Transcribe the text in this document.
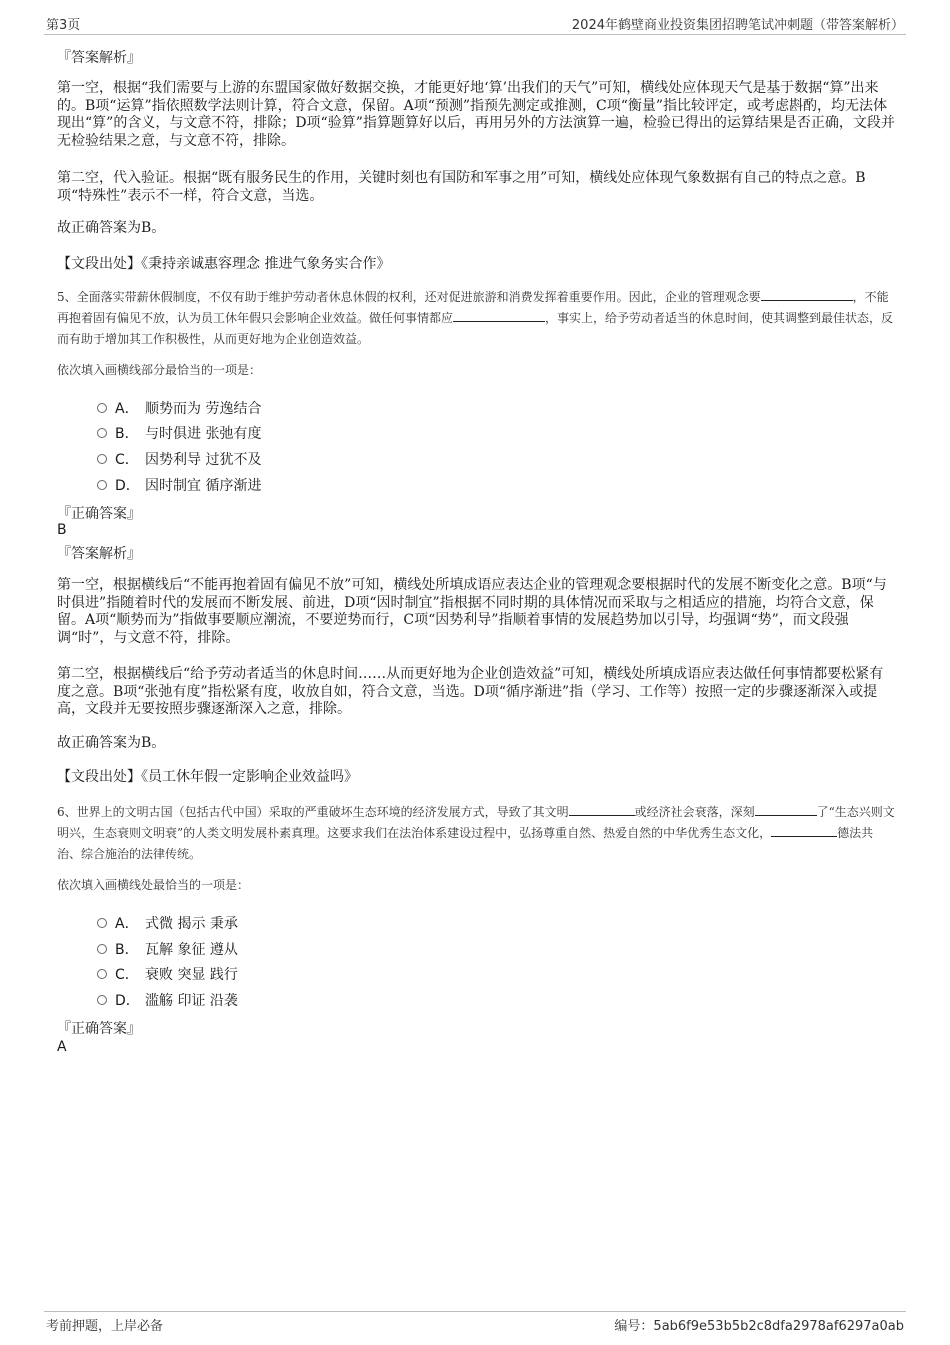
第3页	2024年鹤壁商业投资集团招聘笔试冲刺题（带答案解析）
『答案解析』
第一空，根据“我们需要与上游的东盟国家做好数据交换，才能更好地‘算’出我们的天气”可知，横线处应体现天气是基于数据“算”出来的。B项“运算”指依照数学法则计算，符合文意，保留。A项“预测”指预先测定或推测，C项“衡量”指比较评定，或考虑斟酌，均无法体现出“算”的含义，与文意不符，排除；D项“验算”指算题算好以后，再用另外的方法演算一遍，检验已得出的运算结果是否正确，文段并无检验结果之意，与文意不符，排除。
第二空，代入验证。根据“既有服务民生的作用，关键时刻也有国防和军事之用”可知，横线处应体现气象数据有自己的特点之意。B项“特殊性”表示不一样，符合文意，当选。
故正确答案为B。
【文段出处】《秉持亲诚惠容理念 推进气象务实合作》
5、全面落实带薪休假制度，不仅有助于维护劳动者休息休假的权利，还对促进旅游和消费发挥着重要作用。因此，企业的管理观念要	，不能再抱着固有偏见不放，认为员工休年假只会影响企业效益。做任何事情都应	，事实上，给予劳动者适当的休息时间，使其调整到最佳状态，反而有助于增加其工作积极性，从而更好地为企业创造效益。
依次填入画横线部分最恰当的一项是：
A． 顺势而为 劳逸结合
B． 与时俱进 张弛有度
C． 因势利导 过犹不及
D． 因时制宜 循序渐进
『正确答案』
B
『答案解析』
第一空，根据横线后“不能再抱着固有偏见不放”可知，横线处所填成语应表达企业的管理观念要根据时代的发展不断变化之意。B项“与时俱进”指随着时代的发展而不断发展、前进，D项“因时制宜”指根据不同时期的具体情况而采取与之相适应的措施，均符合文意，保留。A项“顺势而为”指做事要顺应潮流，不要逆势而行，C项“因势利导”指顺着事情的发展趋势加以引导，均强调“势”，而文段强调“时”，与文意不符，排除。
第二空，根据横线后“给予劳动者适当的休息时间……从而更好地为企业创造效益”可知，横线处所填成语应表达做任何事情都要松紧有度之意。B项“张弛有度”指松紧有度，收放自如，符合文意，当选。D项“循序渐进”指（学习、工作等）按照一定的步骤逐渐深入或提高，文段并无要按照步骤逐渐深入之意，排除。
故正确答案为B。
【文段出处】《员工休年假一定影响企业效益吗》
6、世界上的文明古国（包括古代中国）采取的严重破坏生态环境的经济发展方式，导致了其文明	或经济社会衰落，深刻	了“生态兴则文明兴，生态衰则文明衰”的人类文明发展朴素真理。这要求我们在法治体系建设过程中，弘扬尊重自然、热爱自然的中华优秀生态文化，	德法共治、综合施治的法律传统。
依次填入画横线处最恰当的一项是：
A． 式微 揭示 秉承
B． 瓦解 象征 遵从
C． 衰败 突显 践行
D． 滥觞 印证 沿袭
『正确答案』
A
考前押题，上岸必备	编号：5ab6f9e53b5b2c8dfa2978af6297a0ab
